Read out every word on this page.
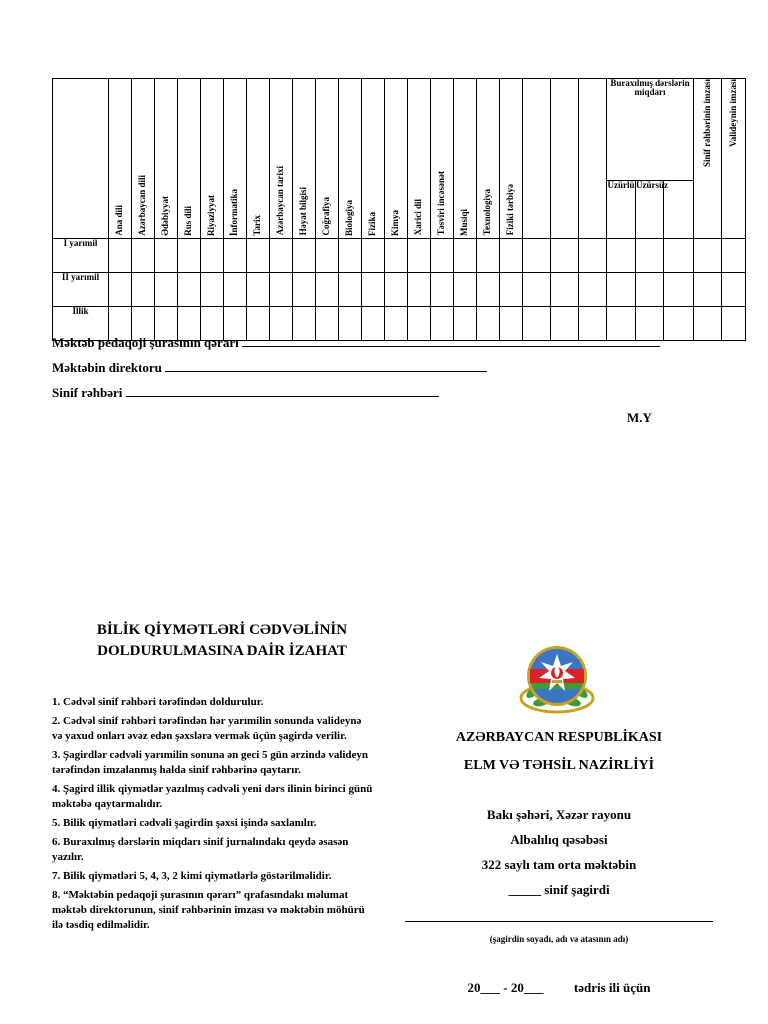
	Ana dili	Azərbaycan dili	Ədəbiyyat	Rus dili	Riyaziyyat	İnformatika	Tarix	Azərbaycan tarixi	Həyat bilgisi	Coğrafiya	Biologiya	Fizika	Kimya	Xarici dil	Təsviri incəsənət	Musiqi	Texnologiya	Fiziki tərbiyə				Buraxılmış dərslərin miqdarı			Sinif rəhbərinin imzası	Valideynin imzası
																						Üzürlü	Üzürsüz			
I yarımil																										
II yarımil																										
İllik																										
Məktəb pedaqoji şurasının qərarı
Məktəbin direktoru
Sinif rəhbəri
M.Y
BİLİK QİYMƏTLƏRİ CƏDVƏLİNİN
DOLDURULMASINA DAİR İZAHAT
1. Cədvəl sinif rəhbəri tərəfindən doldurulur.
2. Cədvəl sinif rəhbəri tərəfindən hər yarımilin sonunda valideynə və yaxud onları əvəz edən şəxslərə vermək üçün şagirdə verilir.
3. Şagirdlər cədvəli yarımilin sonuna ən geci 5 gün ərzində valideyn tərəfindən imzalanmış halda sinif rəhbərinə qaytarır.
4. Şagird illik qiymətlər yazılmış cədvəli yeni dərs ilinin birinci günü məktəbə qaytarmalıdır.
5. Bilik qiymətləri cədvəli şagirdin şəxsi işində saxlanılır.
6. Buraxılmış dərslərin miqdarı sinif jurnalındakı qeydə əsasən yazılır.
7. Bilik qiymətləri 5, 4, 3, 2 kimi qiymətlərlə göstərilməlidir.
8. “Məktəbin pedaqoji şurasının qərarı” qrafasındakı məlumat məktəb direktorunun, sinif rəhbərinin imzası və məktəbin möhürü ilə təsdiq edilməlidir.
AZƏRBAYCAN RESPUBLİKASI
ELM VƏ TƏHSİL NAZİRLİYİ
Bakı şəhəri, Xəzər rayonu
Albalılıq qəsəbəsi
322 saylı tam orta məktəbin
_____ sinif şagirdi
(şagirdin soyadı, adı və atasının adı)
20___ - 20___ tədris ili üçün
